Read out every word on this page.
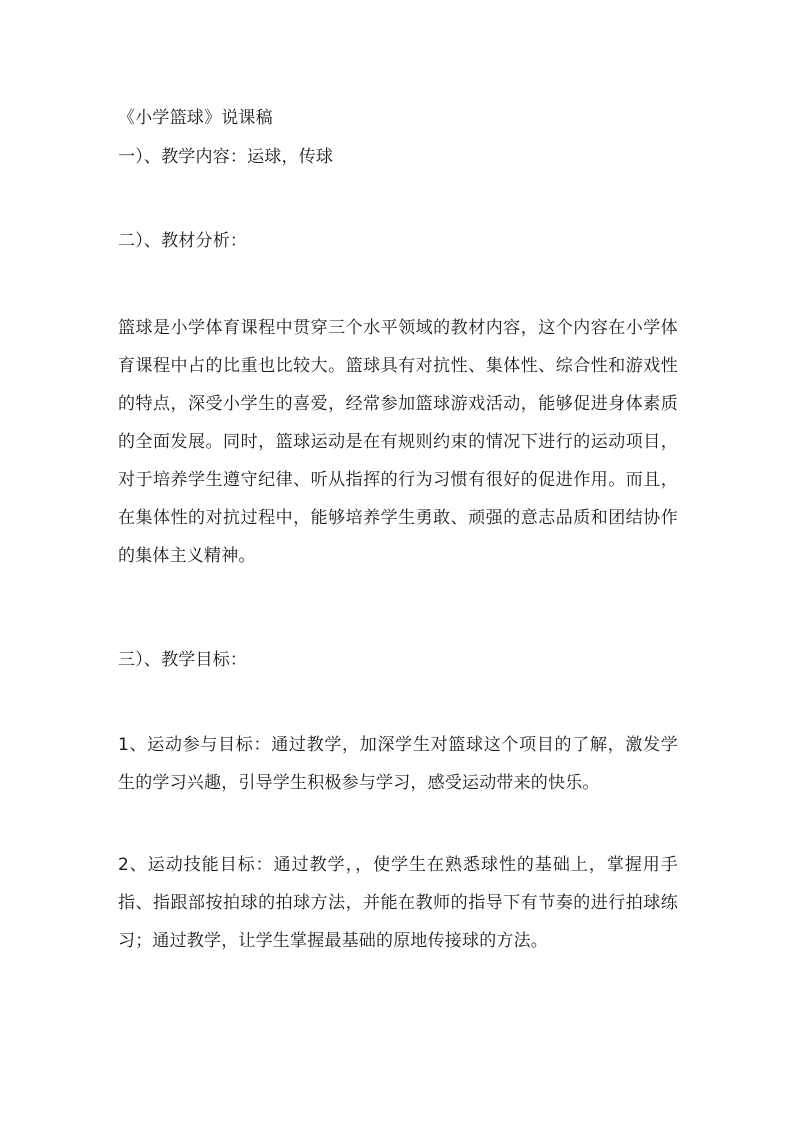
《小学篮球》说课稿
一）、教学内容：运球，传球
二）、教材分析：

篮球是小学体育课程中贯穿三个水平领域的教材内容，这个内容在小学体育课程中占的比重也比较大。篮球具有对抗性、集体性、综合性和游戏性的特点，深受小学生的喜爱，经常参加篮球游戏活动，能够促进身体素质的全面发展。同时，篮球运动是在有规则约束的情况下进行的运动项目，对于培养学生遵守纪律、听从指挥的行为习惯有很好的促进作用。而且，在集体性的对抗过程中，能够培养学生勇敢、顽强的意志品质和团结协作的集体主义精神。

三）、教学目标：

1、运动参与目标：通过教学，加深学生对篮球这个项目的了解，激发学生的学习兴趣，引导学生积极参与学习，感受运动带来的快乐。

2、运动技能目标：通过教学，，使学生在熟悉球性的基础上，掌握用手指、指跟部按拍球的拍球方法，并能在教师的指导下有节奏的进行拍球练习；通过教学，让学生掌握最基础的原地传接球的方法。
